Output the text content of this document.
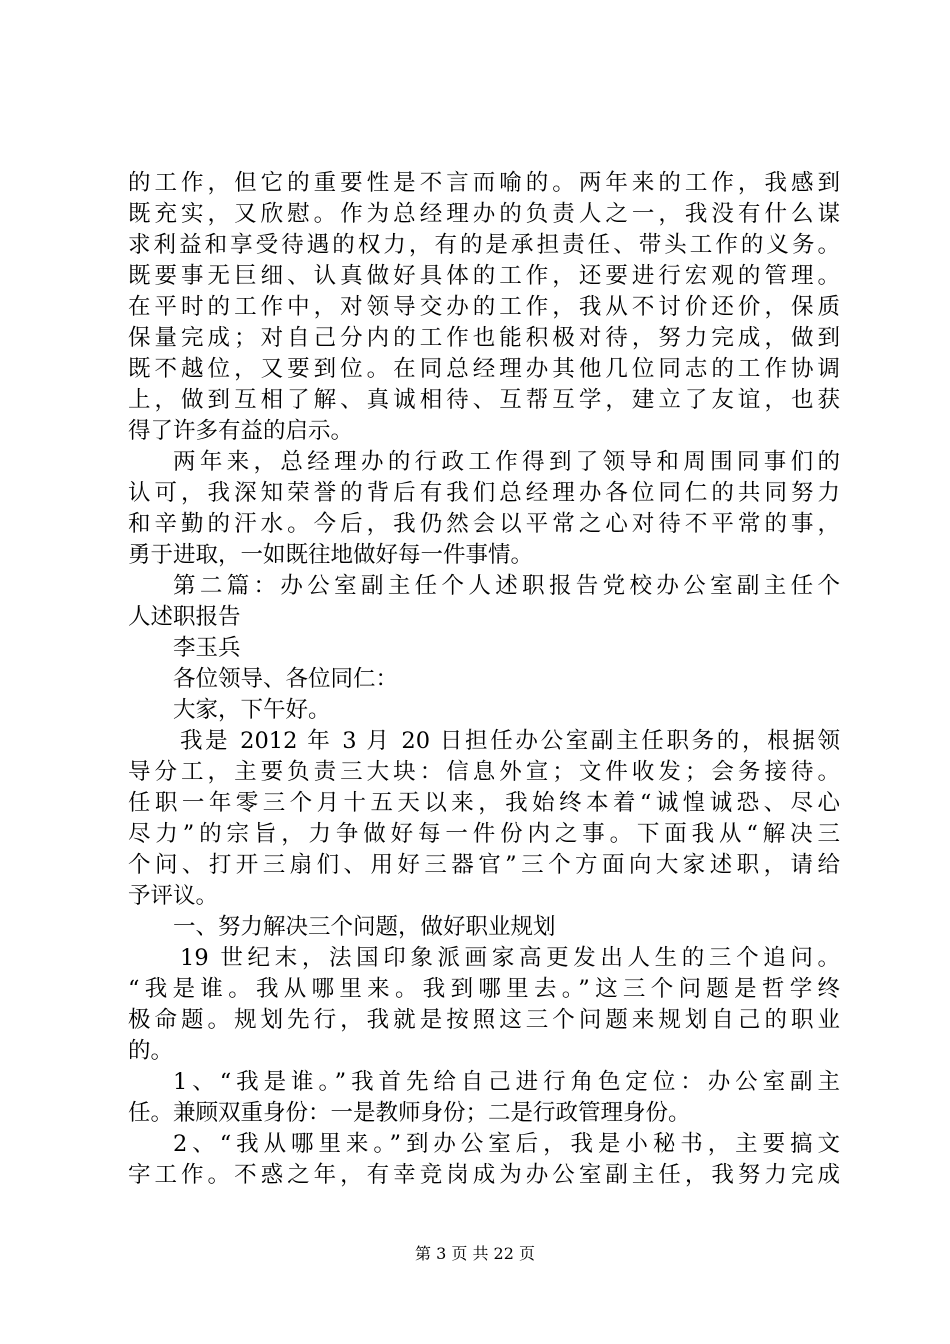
的工作，但它的重要性是不言而喻的。两年来的工作，我感到
既充实，又欣慰。作为总经理办的负责人之一，我没有什么谋
求利益和享受待遇的权力，有的是承担责任、带头工作的义务。
既要事无巨细、认真做好具体的工作，还要进行宏观的管理。
在平时的工作中，对领导交办的工作，我从不讨价还价，保质
保量完成；对自己分内的工作也能积极对待，努力完成，做到
既不越位，又要到位。在同总经理办其他几位同志的工作协调
上，做到互相了解、真诚相待、互帮互学，建立了友谊，也获
得了许多有益的启示。
两年来，总经理办的行政工作得到了领导和周围同事们的
认可，我深知荣誉的背后有我们总经理办各位同仁的共同努力
和辛勤的汗水。今后，我仍然会以平常之心对待不平常的事，
勇于进取，一如既往地做好每一件事情。
第二篇：办公室副主任个人述职报告党校办公室副主任个
人述职报告
李玉兵
各位领导、各位同仁：
大家，下午好。
我是 2012 年 3 月 20 日担任办公室副主任职务的，根据领
导分工，主要负责三大块：信息外宣；文件收发；会务接待。
任职一年零三个月十五天以来，我始终本着“诚惶诚恐、尽心
尽力”的宗旨，力争做好每一件份内之事。下面我从“解决三
个问、打开三扇们、用好三器官”三个方面向大家述职，请给
予评议。
一、努力解决三个问题，做好职业规划
19 世纪末，法国印象派画家高更发出人生的三个追问。
“我是谁。我从哪里来。我到哪里去。”这三个问题是哲学终
极命题。规划先行，我就是按照这三个问题来规划自己的职业
的。
1、“我是谁。”我首先给自己进行角色定位：办公室副主
任。兼顾双重身份：一是教师身份；二是行政管理身份。
2、“我从哪里来。”到办公室后，我是小秘书，主要搞文
字工作。不惑之年，有幸竞岗成为办公室副主任，我努力完成
第 3 页 共 22 页
